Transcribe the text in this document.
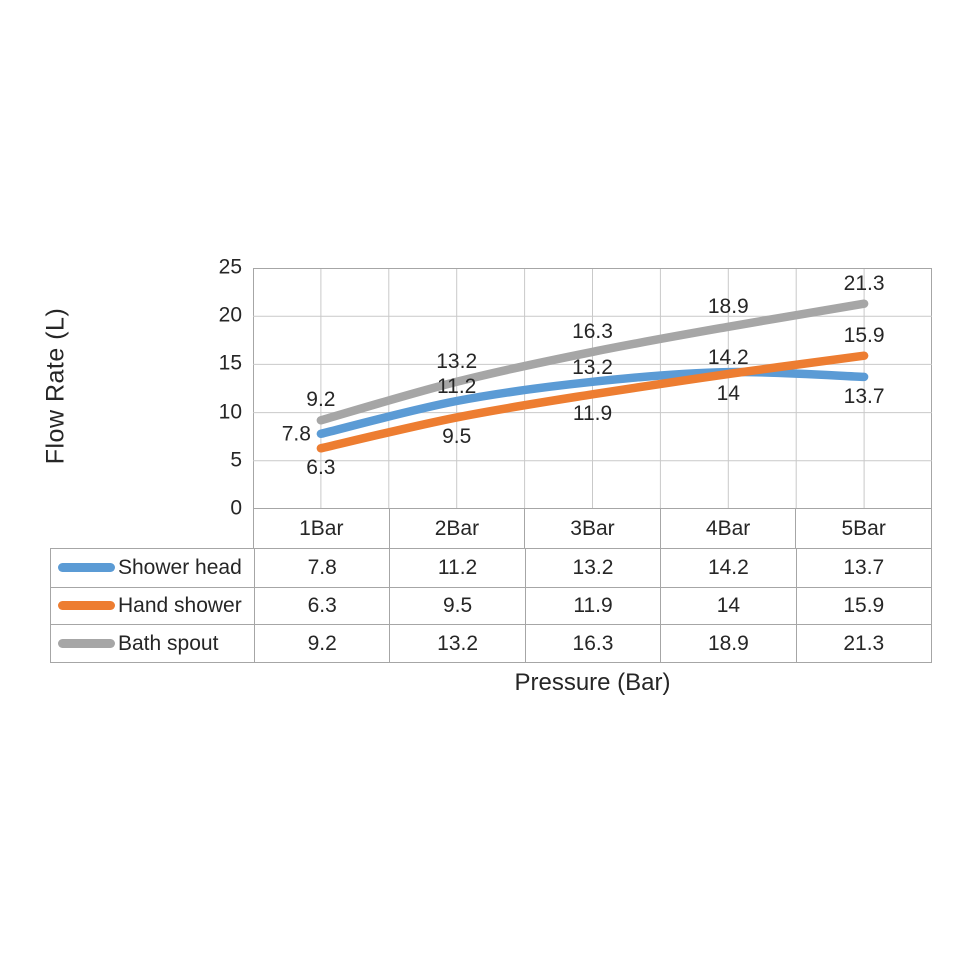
Flow Rate (L)
25
20
15
10
5
0
7.8
11.2
13.2	14.2
13.7
6.3
9.5
11.9
14
15.9
9.2
13.2
16.3
18.9
21.3
1Bar	2Bar	3Bar	4Bar	5Bar
Shower head	7.8	11.2	13.2	14.2	13.7
Hand shower	6.3	9.5	11.9	14	15.9
Bath spout	9.2	13.2	16.3	18.9	21.3
Pressure (Bar)
